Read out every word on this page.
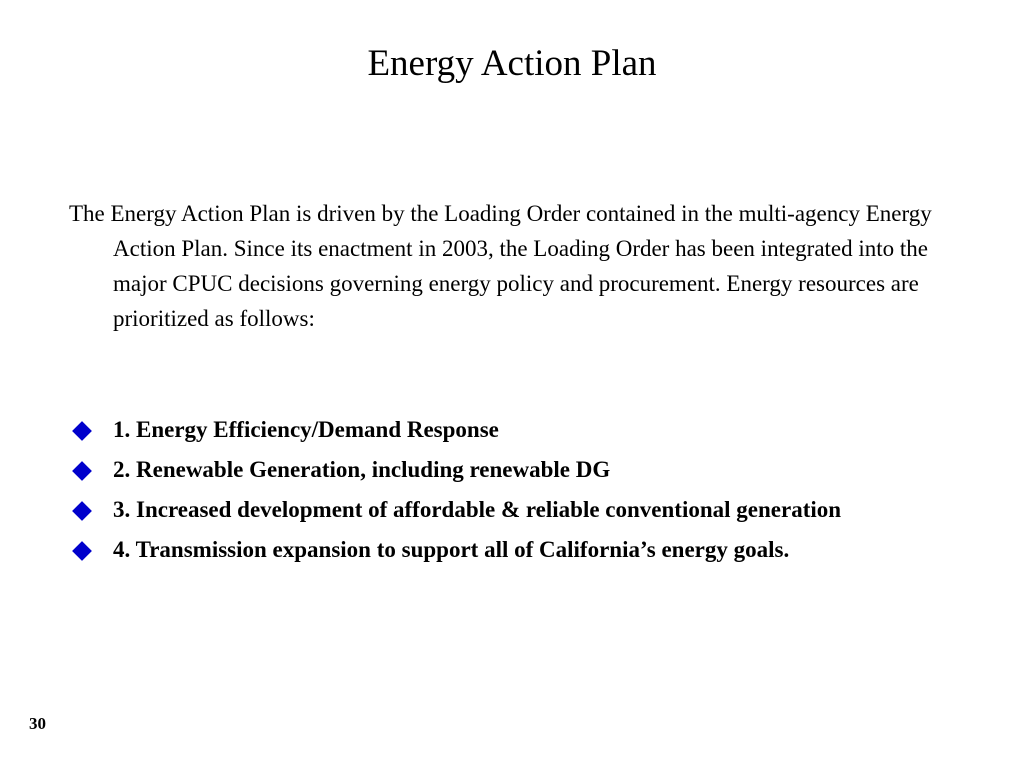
Energy Action Plan

The Energy Action Plan is driven by the Loading Order contained in the multi-agency Energy Action Plan. Since its enactment in 2003, the Loading Order has been integrated into the major CPUC decisions governing energy policy and procurement. Energy resources are prioritized as follows:

1. Energy Efficiency/Demand Response
2. Renewable Generation, including renewable DG
3. Increased development of affordable & reliable conventional generation
4. Transmission expansion to support all of California’s energy goals.
30
